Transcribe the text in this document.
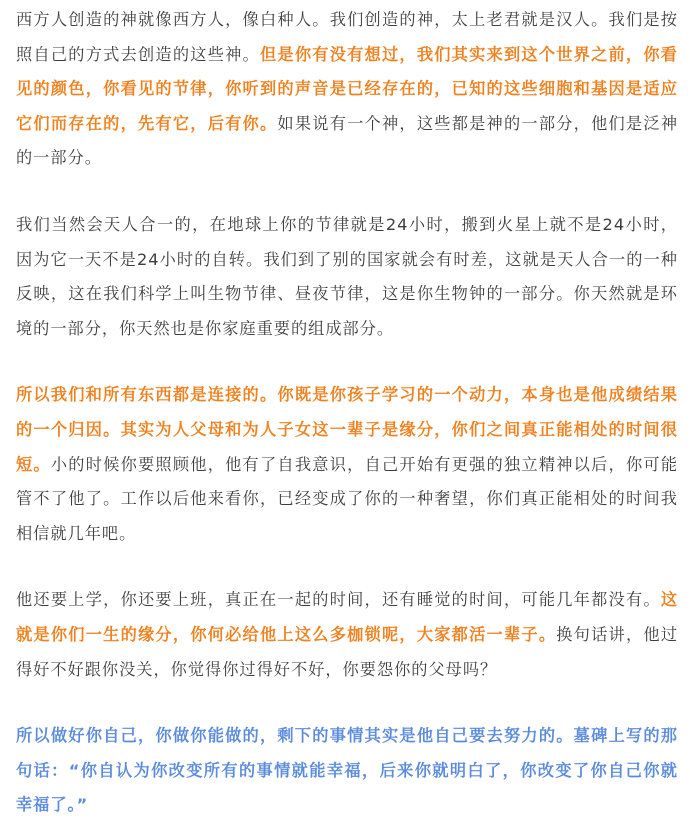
西方人创造的神就像西方人，像白种人。我们创造的神，太上老君就是汉人。我们是按照自己的方式去创造的这些神。但是你有没有想过，我们其实来到这个世界之前，你看见的颜色，你看见的节律，你听到的声音是已经存在的，已知的这些细胞和基因是适应它们而存在的，先有它，后有你。如果说有一个神，这些都是神的一部分，他们是泛神的一部分。

我们当然会天人合一的，在地球上你的节律就是24小时，搬到火星上就不是24小时，因为它一天不是24小时的自转。我们到了别的国家就会有时差，这就是天人合一的一种反映，这在我们科学上叫生物节律、昼夜节律，这是你生物钟的一部分。你天然就是环境的一部分，你天然也是你家庭重要的组成部分。

所以我们和所有东西都是连接的。你既是你孩子学习的一个动力，本身也是他成绩结果的一个归因。其实为人父母和为人子女这一辈子是缘分，你们之间真正能相处的时间很短。小的时候你要照顾他，他有了自我意识，自己开始有更强的独立精神以后，你可能管不了他了。工作以后他来看你，已经变成了你的一种奢望，你们真正能相处的时间我相信就几年吧。

他还要上学，你还要上班，真正在一起的时间，还有睡觉的时间，可能几年都没有。这就是你们一生的缘分，你何必给他上这么多枷锁呢，大家都活一辈子。换句话讲，他过得好不好跟你没关，你觉得你过得好不好，你要怨你的父母吗？

所以做好你自己，你做你能做的，剩下的事情其实是他自己要去努力的。墓碑上写的那句话：“你自认为你改变所有的事情就能幸福，后来你就明白了，你改变了你自己你就幸福了。”
